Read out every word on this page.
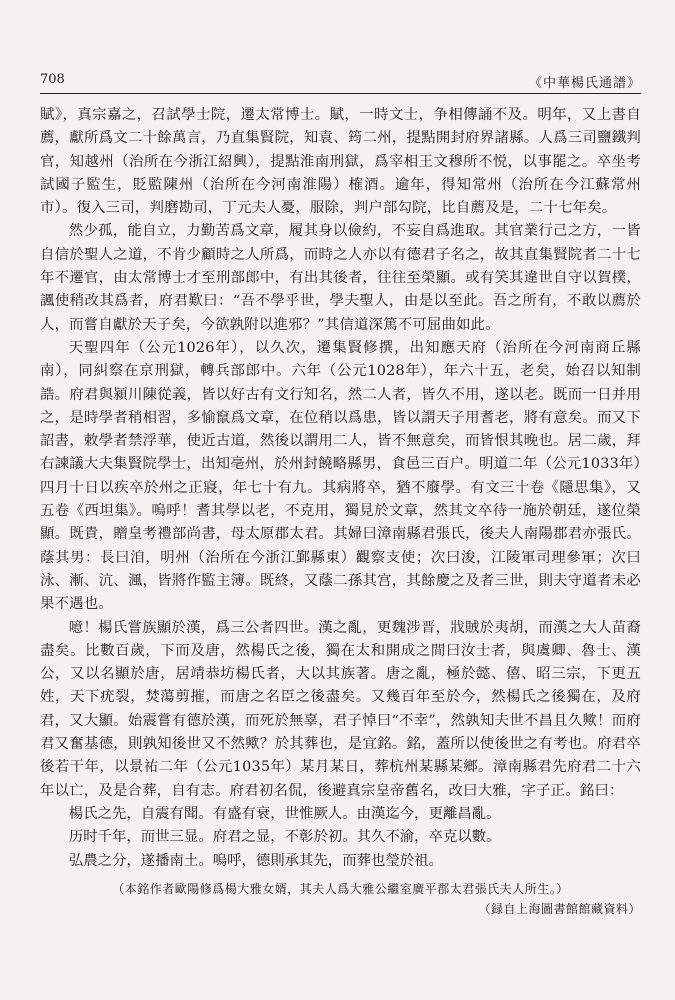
708	《中華楊氏通譜》

賦》，真宗嘉之，召試學士院，遷太常博士。賦，一時文士，争相傳誦不及。明年，又上書自薦，獻所爲文二十餘萬言，乃直集賢院，知袁、筠二州，提點開封府界諸縣。人爲三司鹽鐵判官，知越州（治所在今浙江紹興），提點淮南刑獄，爲宰相王文穆所不悦，以事罷之。卒坐考試國子監生，貶監陳州（治所在今河南淮陽）榷酒。逾年，得知常州（治所在今江蘇常州市）。復入三司，判磨勘司，丁元夫人憂，服除，判户部勾院，比自薦及是，二十七年矣。

然少孤，能自立，力勤苦爲文章，履其身以儉約，不妄自爲進取。其官業行己之方，一皆自信於聖人之道，不肯少顧時之人所爲，而時之人亦以有德君子名之，故其直集賢院者二十七年不遷官，由太常博士才至刑部郎中，有出其後者，往往至榮顯。或有笑其違世自守以賀樸，諷使稍改其爲者，府君歎曰：“吾不學乎世，學夫聖人，由是以至此。吾之所有，不敢以薦於人，而嘗自獻於天子矣，今欲孰附以進邪？”其信道深篤不可屈曲如此。

天聖四年（公元1026年），以久次，遷集賢修撰，出知應天府（治所在今河南商丘縣南），同糾察在京刑獄，轉兵部郎中。六年（公元1028年），年六十五，老矣，始召以知制誥。府君與潁川陳從義，皆以好古有文行知名，然二人者，皆久不用，遂以老。既而一日并用之，是時學者稍相習，多愉竄爲文章，在位稍以爲患，皆以謂天子用耆老，將有意矣。而又下詔書，敕學者禁浮華，使近古道，然後以謂用二人，皆不無意矣，而皆恨其晚也。居二歲，拜右諫議大夫集賢院學士，出知亳州，於州封饒略縣男，食邑三百户。明道二年（公元1033年）四月十日以疾卒於州之正寢，年七十有九。其病將卒，猶不廢學。有文三十卷《隱思集》，又五卷《西坦集》。嗚呼！耆其學以老，不克用，獨見於文章，然其文卒待一施於朝廷，遂位榮顯。既貴，贈皇考禮部尚書，母太原郡太君。其婦曰漳南縣君張氏，後夫人南陽郡君亦張氏。蔭其男：長曰洎，明州（治所在今浙江鄞縣東）觀察支使；次曰浚，江陵軍司理參軍；次曰泳、漸、沆、渢，皆將作監主簿。既終，又蔭二孫其宫，其餘慶之及者三世，則夫守道者未必果不遇也。

噫！楊氏嘗族顯於漢，爲三公者四世。漢之亂，更魏涉晋，戕賊於夷胡，而漢之大人苗裔盡矣。比數百歲，下而及唐，然楊氏之後，獨在太和開成之間曰汝士者，與虞卿、魯士、漢公，又以名顯於唐，居靖恭坊楊氏者，大以其族著。唐之亂，極於懿、僖、昭三宗，下更五姓，天下疣裂，焚蕩剪摧，而唐之名臣之後盡矣。又幾百年至於今，然楊氏之後獨在，及府君，又大顯。始震嘗有德於漢，而死於無辜，君子悼曰“不幸”，然孰知夫世不昌且久歟！而府君又奮基德，則孰知後世又不然歟？於其葬也，是宜銘。銘，蓋所以使後世之有考也。府君卒後若干年，以景祐二年（公元1035年）某月某日，葬杭州某縣某鄉。漳南縣君先府君二十六年以亡，及是合葬，自有志。府君初名侃，後避真宗皇帝舊名，改曰大雅，字子正。銘曰：

楊氏之先，自震有聞。有盛有衰，世惟厥人。由漢迄今，更離昌亂。

历时千年，而世三显。府君之显，不彰於初。其久不渝，卒克以數。

弘農之分，遂播南土。嗚呼，德則承其先，而葬也瑩於祖。

（本銘作者歐陽修爲楊大雅女婿，其夫人爲大雅公繼室廣平郡太君張氏夫人所生。）

（録自上海圖書館館藏資料）
